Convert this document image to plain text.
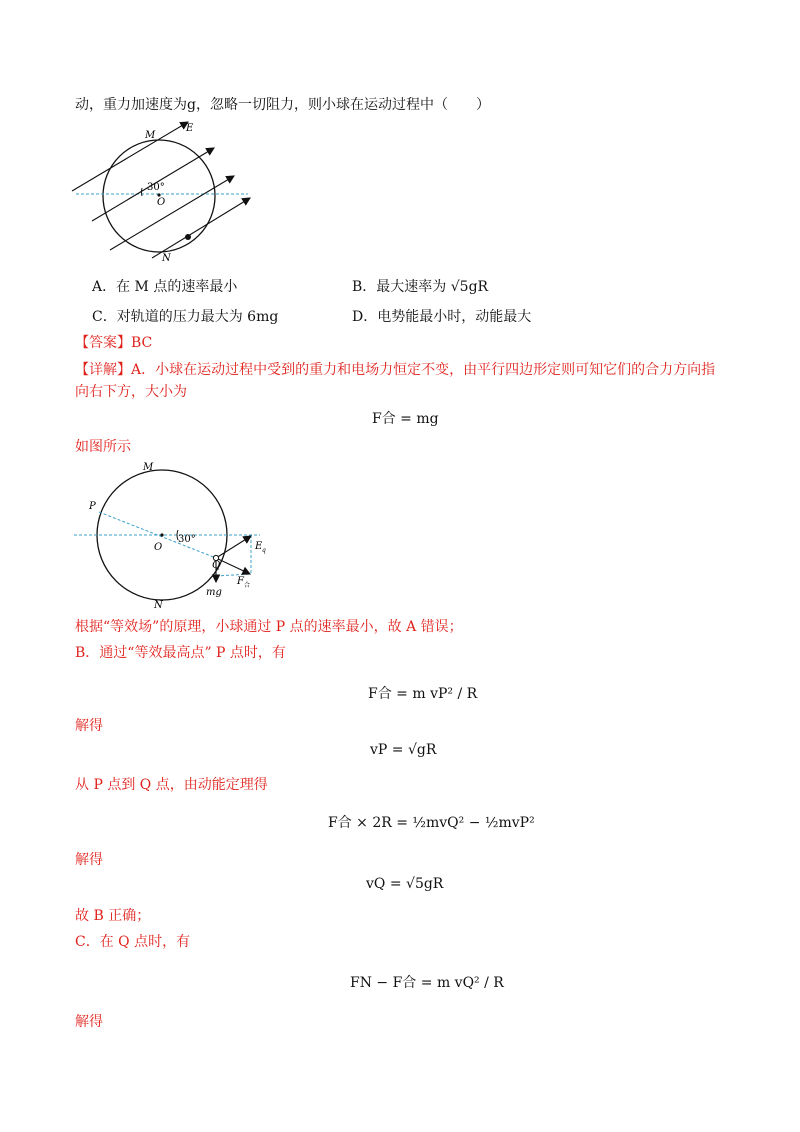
动，重力加速度为g，忽略一切阻力，则小球在运动过程中（　　）
M
E
30°
O
N
A．在 M 点的速率最小	B．最大速率为 √5gR
C．对轨道的压力最大为 6mg	D．电势能最小时，动能最大
【答案】BC
【详解】A．小球在运动过程中受到的重力和电场力恒定不变，由平行四边形定则可知它们的合力方向指
向右下方，大小为
F合 = mg
如图所示
M
P
O
30°
E q
Q
F 合
mg
N
根据“等效场”的原理，小球通过 P 点的速率最小，故 A 错误；
B．通过“等效最高点” P 点时，有
F合 = m vP² / R
解得
vP = √gR
从 P 点到 Q 点，由动能定理得
F合 × 2R = ½mvQ² − ½mvP²
解得
vQ = √5gR
故 B 正确；
C．在 Q 点时，有
FN − F合 = m vQ² / R
解得
